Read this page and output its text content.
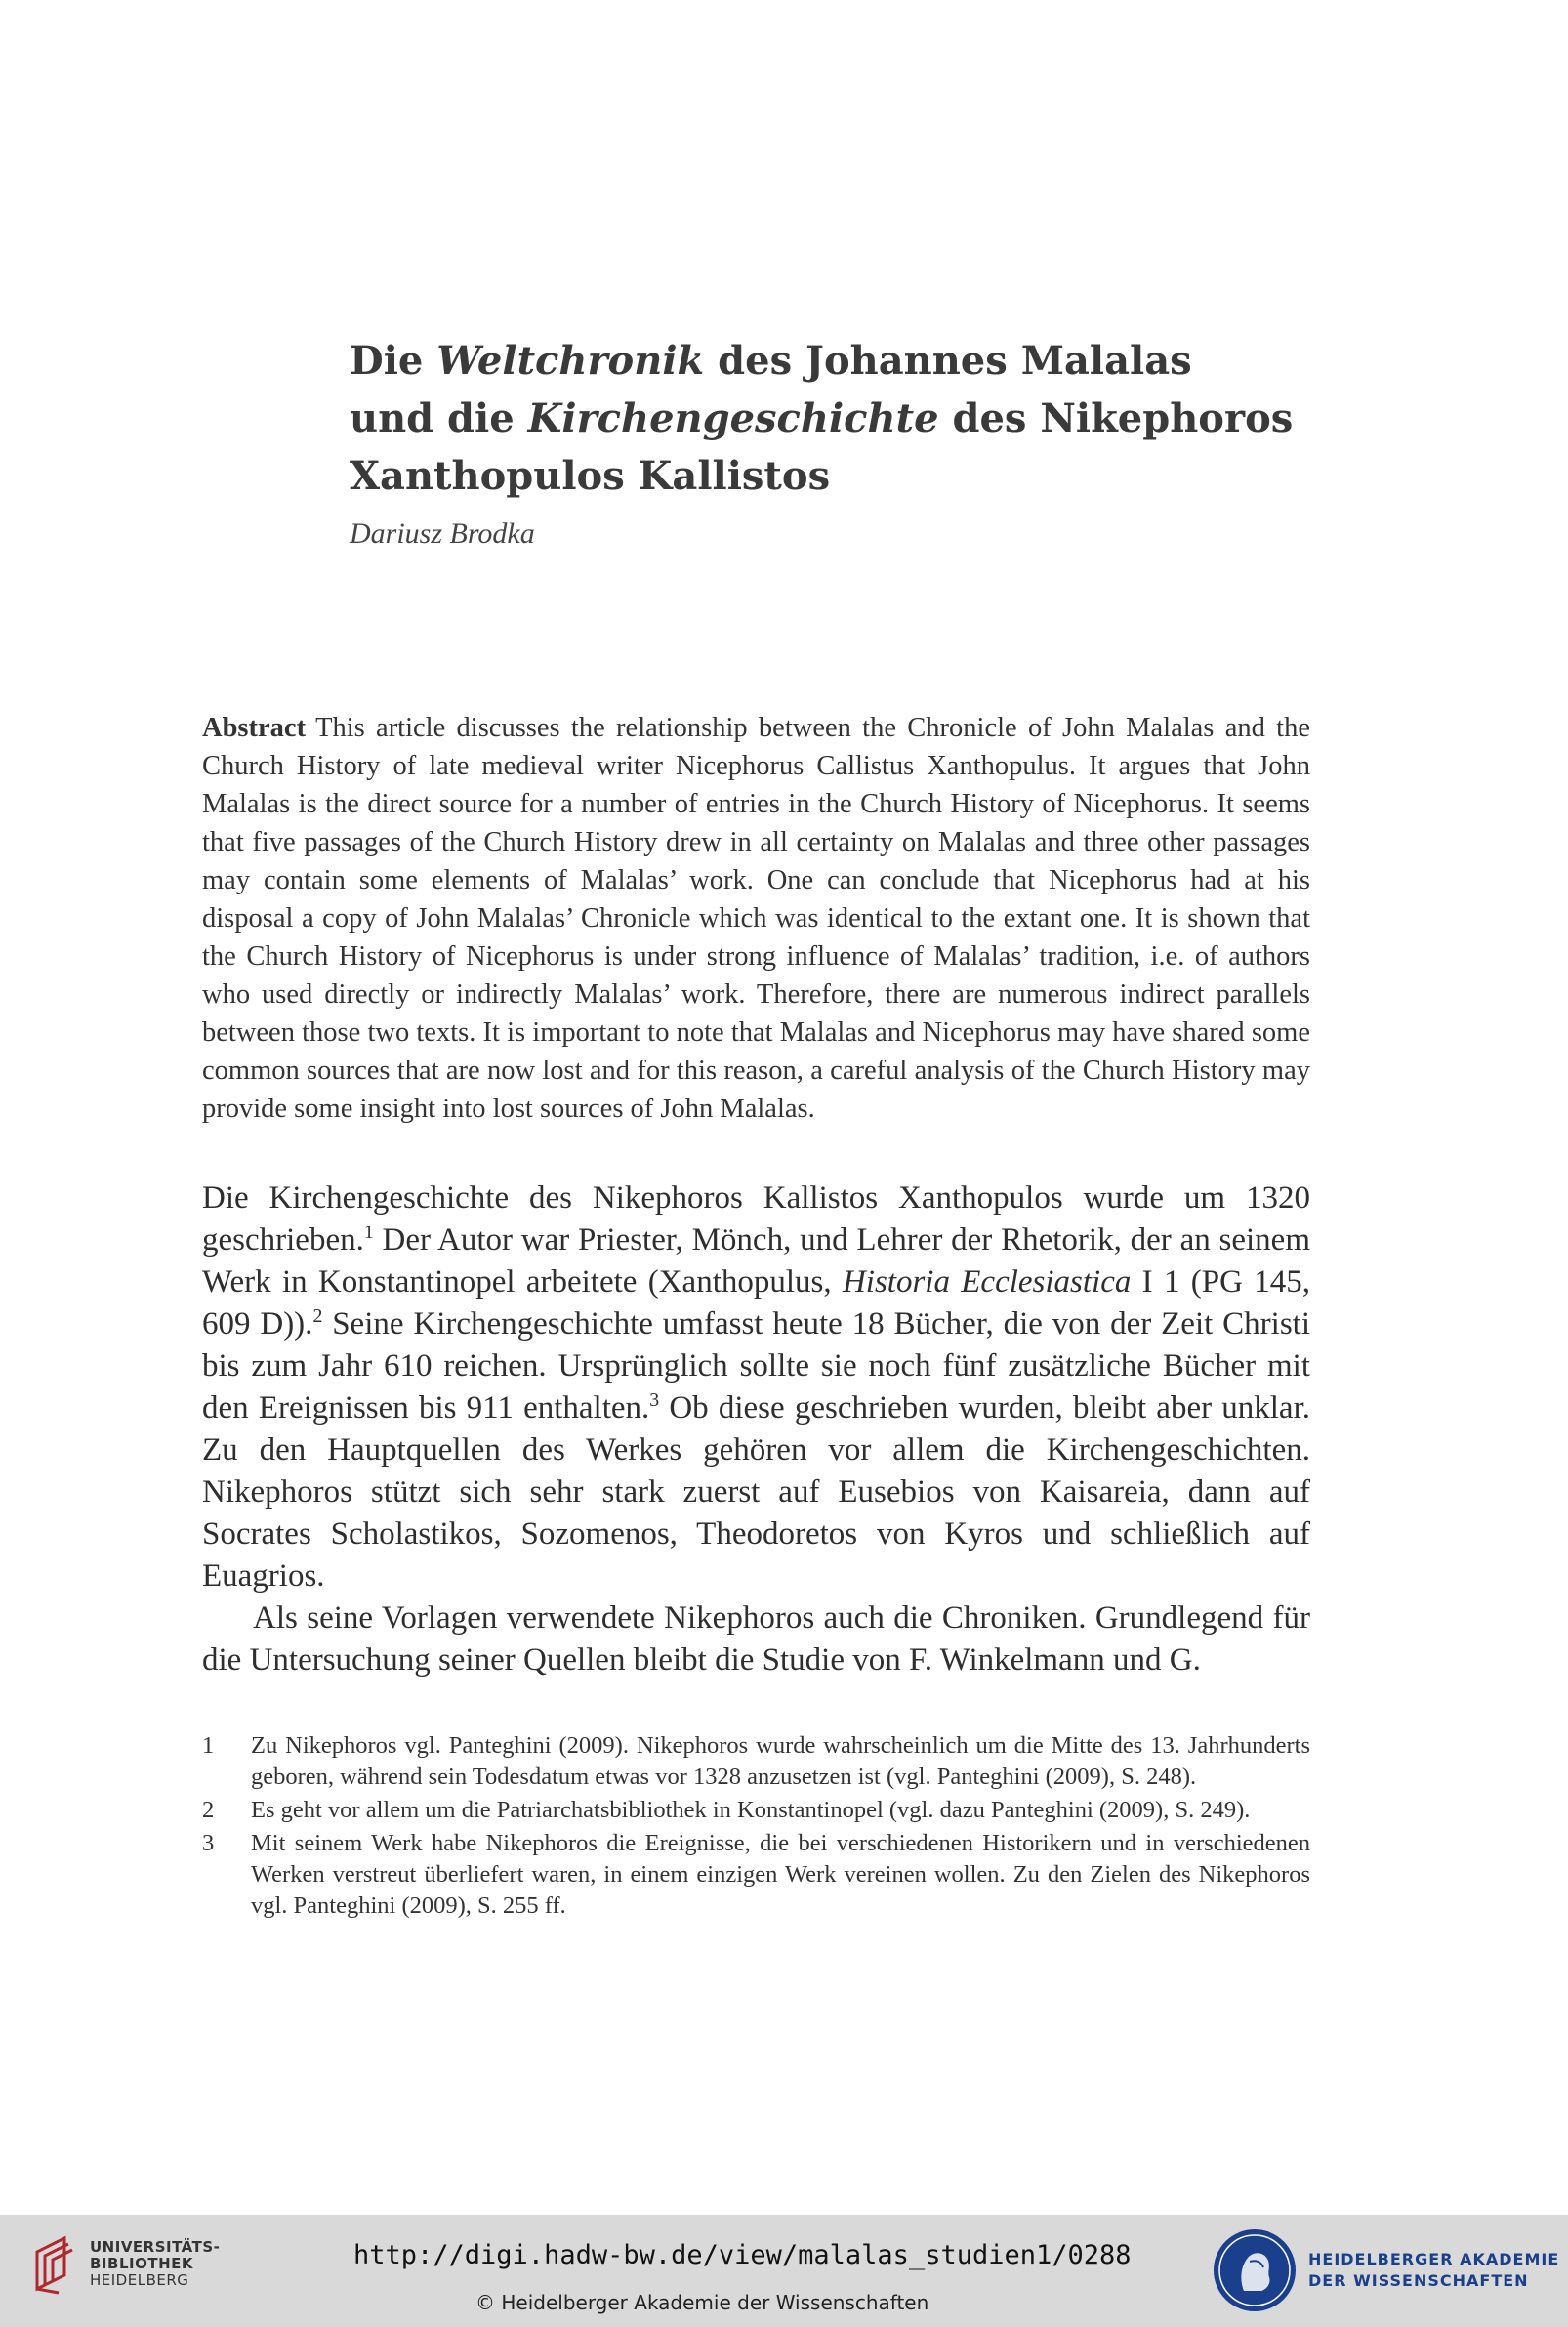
Die Weltchronik des Johannes Malalas
und die Kirchengeschichte des Nikephoros
Xanthopulos Kallistos
Dariusz Brodka

Abstract This article discusses the relationship between the Chronicle of John Malalas and the Church History of late medieval writer Nicephorus Callistus Xanthopulus. It argues that John Malalas is the direct source for a number of entries in the Church History of Nicephorus. It seems that five passages of the Church History drew in all certainty on Malalas and three other passages may contain some elements of Malalas’ work. One can conclude that Nicephorus had at his disposal a copy of John Malalas’ Chronicle which was identical to the extant one. It is shown that the Church History of Nicephorus is under strong influence of Malalas’ tradition, i.e. of authors who used directly or indirectly Malalas’ work. Therefore, there are numerous indirect parallels between those two texts. It is important to note that Malalas and Nicephorus may have shared some common sources that are now lost and for this reason, a careful analysis of the Church History may provide some insight into lost sources of John Malalas.

Die Kirchengeschichte des Nikephoros Kallistos Xanthopulos wurde um 1320 geschrieben.$^1$ Der Autor war Priester, Mönch, und Lehrer der Rhetorik, der an seinem Werk in Konstantinopel arbeitete (Xanthopulus, Historia Ecclesiastica I 1 (PG 145, 609 D)).$^2$ Seine Kirchengeschichte umfasst heute 18 Bücher, die von der Zeit Christi bis zum Jahr 610 reichen. Ursprünglich sollte sie noch fünf zusätzliche Bücher mit den Ereignissen bis 911 enthalten.$^3$ Ob diese geschrieben wurden, bleibt aber unklar. Zu den Hauptquellen des Werkes gehören vor allem die Kirchengeschichten. Nikephoros stützt sich sehr stark zuerst auf Eusebios von Kaisareia, dann auf Socrates Scholastikos, Sozomenos, Theodoretos von Kyros und schließlich auf Euagrios.

Als seine Vorlagen verwendete Nikephoros auch die Chroniken. Grundlegend für die Untersuchung seiner Quellen bleibt die Studie von F. Winkelmann und G.

1 Zu Nikephoros vgl. Panteghini (2009). Nikephoros wurde wahrscheinlich um die Mitte des 13. Jahrhunderts geboren, während sein Todesdatum etwas vor 1328 anzusetzen ist (vgl. Panteghini (2009), S. 248).
2 Es geht vor allem um die Patriarchatsbibliothek in Konstantinopel (vgl. dazu Panteghini (2009), S. 249).
3 Mit seinem Werk habe Nikephoros die Ereignisse, die bei verschiedenen Historikern und in verschiedenen Werken verstreut überliefert waren, in einem einzigen Werk vereinen wollen. Zu den Zielen des Nikephoros vgl. Panteghini (2009), S. 255 ff.
UNIVERSITÄTS-
BIBLIOTHEK
HEIDELBERG
http://digi.hadw-bw.de/view/malalas_studien1/0288
© Heidelberger Akademie der Wissenschaften
HEIDELBERGER AKADEMIE
DER WISSENSCHAFTEN
